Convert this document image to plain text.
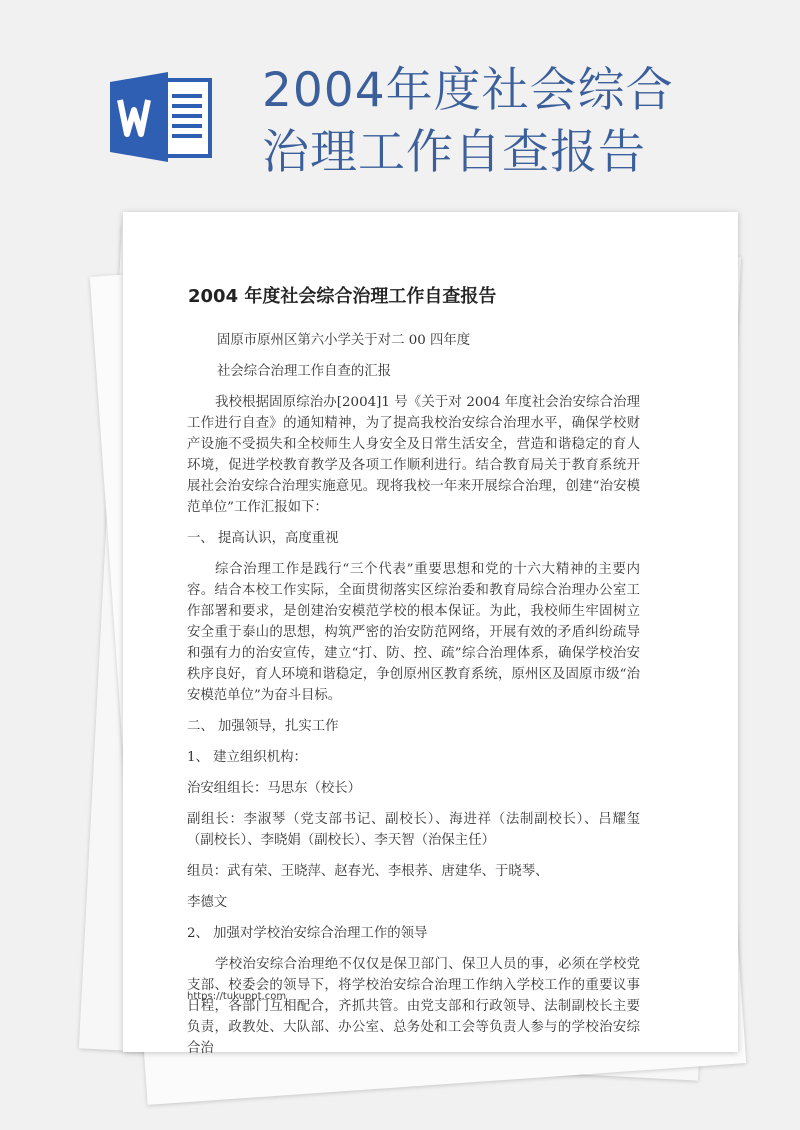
2004年度社会综合
治理工作自查报告
2004 年度社会综合治理工作自查报告

固原市原州区第六小学关于对二 00 四年度

社会综合治理工作自查的汇报

我校根据固原综治办[2004]1 号《关于对 2004 年度社会治安综合治理工作进行自查》的通知精神，为了提高我校治安综合治理水平，确保学校财产设施不受损失和全校师生人身安全及日常生活安全，营造和谐稳定的育人环境，促进学校教育教学及各项工作顺利进行。结合教育局关于教育系统开展社会治安综合治理实施意见。现将我校一年来开展综合治理，创建“治安模范单位”工作汇报如下：

一、 提高认识，高度重视

综合治理工作是践行“三个代表”重要思想和党的十六大精神的主要内容。结合本校工作实际，全面贯彻落实区综治委和教育局综合治理办公室工作部署和要求，是创建治安模范学校的根本保证。为此，我校师生牢固树立安全重于泰山的思想，构筑严密的治安防范网络，开展有效的矛盾纠纷疏导和强有力的治安宣传，建立“打、防、控、疏”综合治理体系，确保学校治安秩序良好，育人环境和谐稳定，争创原州区教育系统，原州区及固原市级“治安模范单位”为奋斗目标。

二、 加强领导，扎实工作

1、 建立组织机构：

治安组组长：马思东（校长）

副组长：李淑琴（党支部书记、副校长）、海进祥（法制副校长）、吕耀玺（副校长）、李晓娟（副校长）、李天智（治保主任）

组员：武有荣、王晓萍、赵春光、李根荞、唐建华、于晓琴、

李德文

2、 加强对学校治安综合治理工作的领导

学校治安综合治理绝不仅仅是保卫部门、保卫人员的事，必须在学校党支部、校委会的领导下，将学校治安综合治理工作纳入学校工作的重要议事日程，各部门互相配合，齐抓共管。由党支部和行政领导、法制副校长主要负责，政教处、大队部、办公室、总务处和工会等负责人参与的学校治安综合治

https://tukuppt.com
